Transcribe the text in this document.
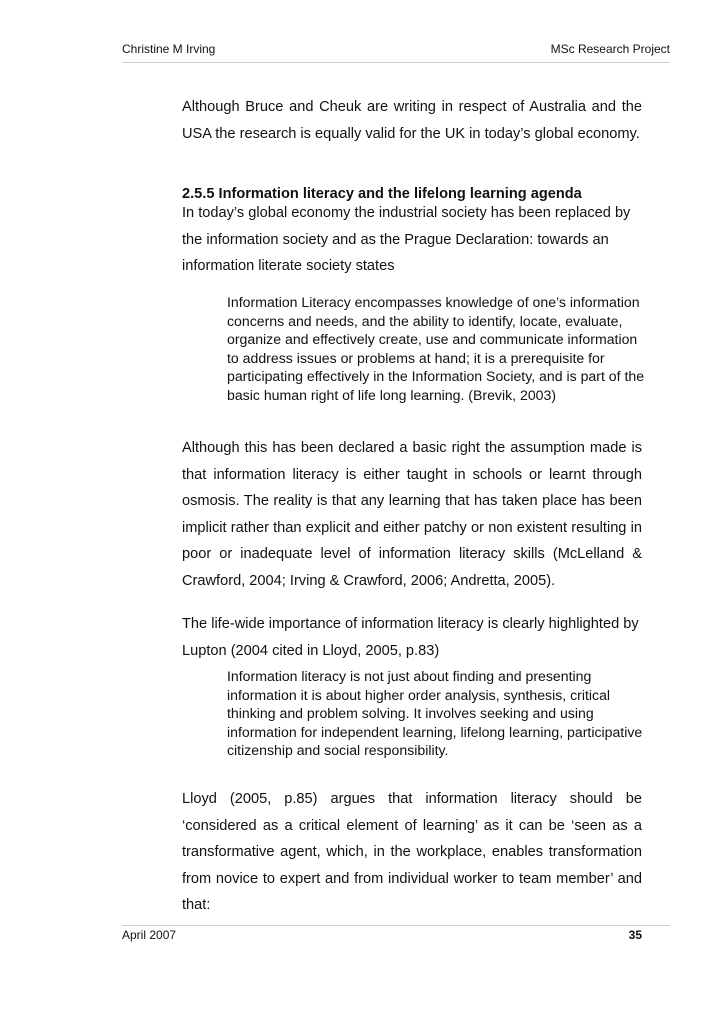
Christine M Irving	MSc Research Project
Although Bruce and Cheuk are writing in respect of Australia and the USA the research is equally valid for the UK in today’s global economy.
2.5.5 Information literacy and the lifelong learning agenda
In today’s global economy the industrial society has been replaced by the information society and as the Prague Declaration: towards an information literate society states
Information Literacy encompasses knowledge of one’s information concerns and needs, and the ability to identify, locate, evaluate, organize and effectively create, use and communicate information to address issues or problems at hand; it is a prerequisite for participating effectively in the Information Society, and is part of the basic human right of life long learning. (Brevik, 2003)
Although this has been declared a basic right the assumption made is that information literacy is either taught in schools or learnt through osmosis. The reality is that any learning that has taken place has been implicit rather than explicit and either patchy or non existent resulting in poor or inadequate level of information literacy skills (McLelland & Crawford, 2004; Irving & Crawford, 2006; Andretta, 2005).
The life-wide importance of information literacy is clearly highlighted by Lupton (2004 cited in Lloyd, 2005, p.83)
Information literacy is not just about finding and presenting information it is about higher order analysis, synthesis, critical thinking and problem solving. It involves seeking and using information for independent learning, lifelong learning, participative citizenship and social responsibility.
Lloyd (2005, p.85) argues that information literacy should be ‘considered as a critical element of learning’ as it can be ‘seen as a transformative agent, which, in the workplace, enables transformation from novice to expert and from individual worker to team member’ and that:
April 2007	35
